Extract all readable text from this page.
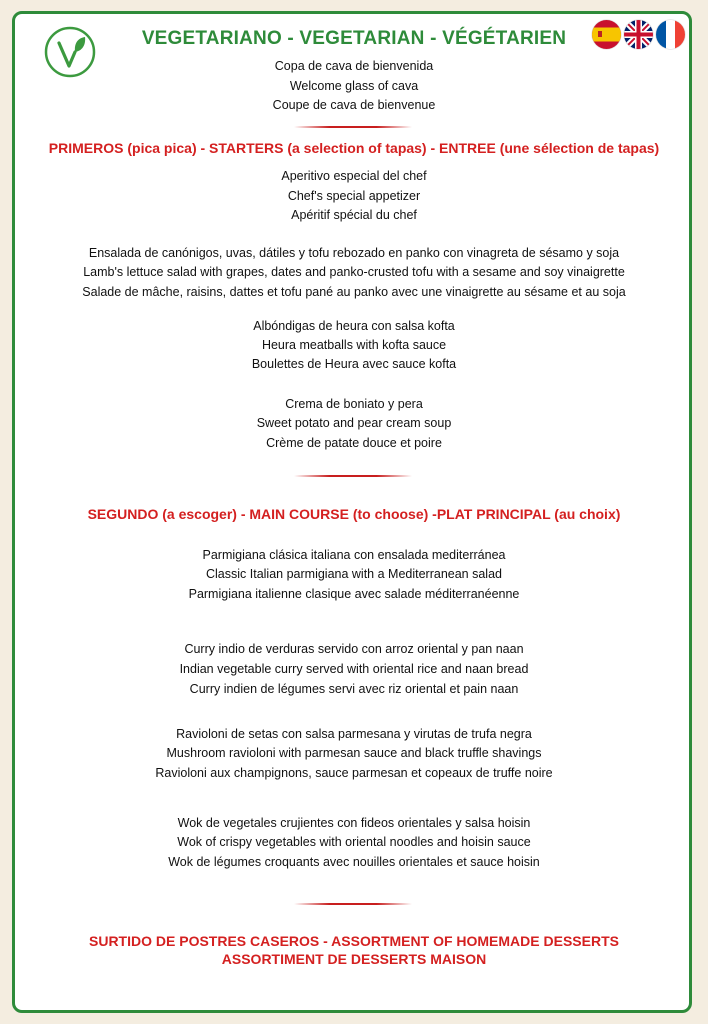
VEGETARIANO - VEGETARIAN - VÉGÉTARIEN
Copa de cava de bienvenida
Welcome glass of cava
Coupe de cava de bienvenue
PRIMEROS (pica pica) - STARTERS (a selection of tapas) - ENTREE (une sélection de tapas)
Aperitivo especial del chef
Chef's special appetizer
Apéritif spécial du chef
Ensalada de canónigos, uvas, dátiles y tofu rebozado en panko con vinagreta de sésamo y soja
Lamb's lettuce salad with grapes, dates and panko-crusted tofu with a sesame and soy vinaigrette
Salade de mâche, raisins, dattes et tofu pané au panko avec une vinaigrette au sésame et au soja
Albóndigas de heura con salsa kofta
Heura meatballs with kofta sauce
Boulettes de Heura avec sauce kofta
Crema de boniato y pera
Sweet potato and pear cream soup
Crème de patate douce et poire
SEGUNDO (a escoger) - MAIN COURSE (to choose) -PLAT PRINCIPAL (au choix)
Parmigiana clásica italiana con ensalada mediterránea
Classic Italian parmigiana with a Mediterranean salad
Parmigiana italienne clasique avec salade méditerranéenne
Curry indio de verduras servido con arroz oriental y pan naan
Indian vegetable curry served with oriental rice and naan bread
Curry indien de légumes servi avec riz oriental et pain naan
Ravioloni de setas con salsa parmesana y virutas de trufa negra
Mushroom ravioloni with parmesan sauce and black truffle shavings
Ravioloni aux champignons, sauce parmesan et copeaux de truffe noire
Wok de vegetales crujientes con fideos orientales y salsa hoisin
Wok of crispy vegetables with oriental noodles and hoisin sauce
Wok de légumes croquants avec nouilles orientales et sauce hoisin
SURTIDO DE POSTRES CASEROS - ASSORTMENT OF HOMEMADE DESSERTS
ASSORTIMENT DE DESSERTS MAISON
